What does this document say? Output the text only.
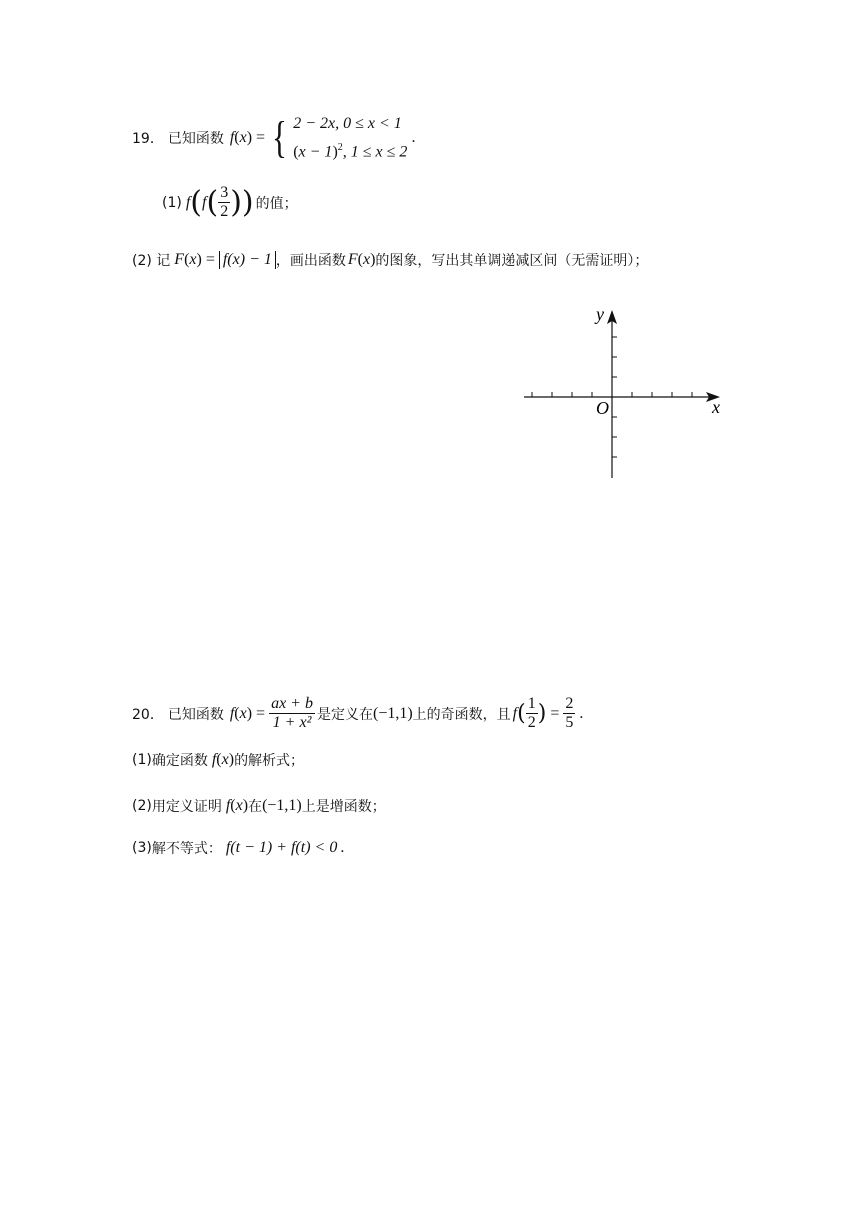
19． 已知函数 f ( x ) = { 2 − 2x, 0 ≤ x < 1
$(x - 1)^2$, 1 ≤ x ≤ 2
.
(1) f ( f ( $\frac{3}{2}$ ) ) 的值；
(2) 记 F ( x ) = f(x) − 1 ，画出函数 F ( x ) 的图象，写出其单调递减区间（无需证明）；
y
x
O
20． 已知函数 f ( x ) = $\frac{ax + b}{\text{1 + x²}}$ 是定义在 (−1,1) 上的奇函数，且 f ( $\frac{1}{2}$ ) = $\frac{2}{5}$ .
(1) 确定函数 f ( x ) 的解析式；
(2) 用定义证明 f ( x ) 在 (−1,1) 上是增函数；
(3) 解不等式： f(t − 1) + f(t) < 0 .
